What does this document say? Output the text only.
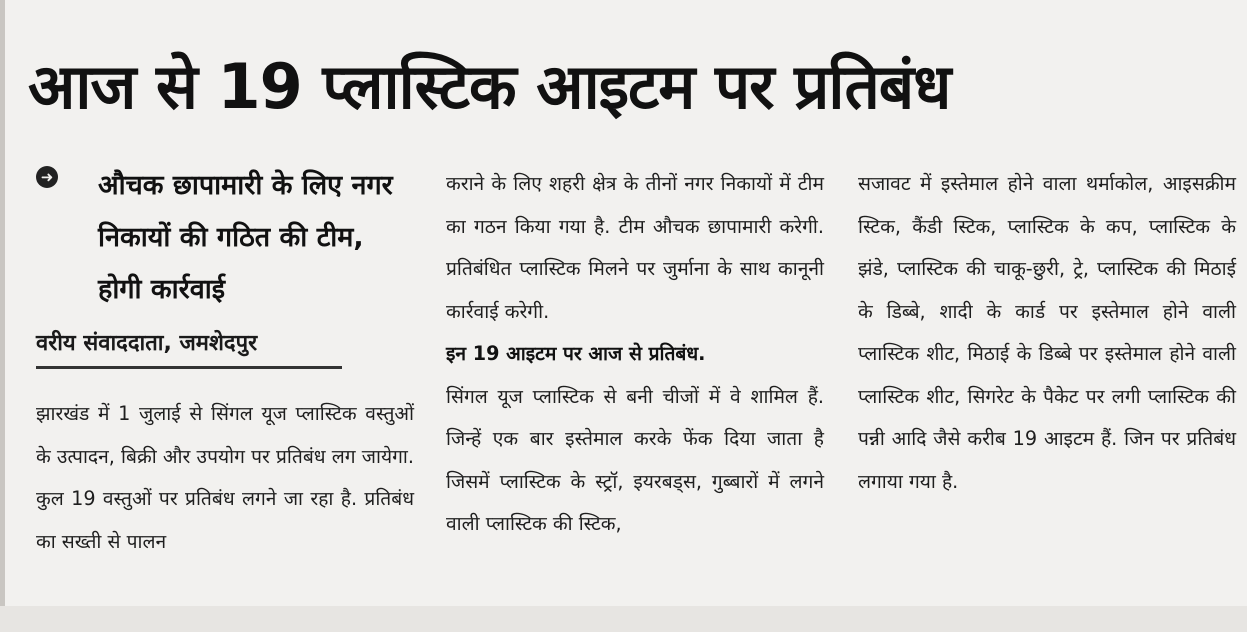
आज से 19 प्लास्टिक आइटम पर प्रतिबंध
➜ औचक छापामारी के लिए नगर निकायों की गठित की टीम, होगी कार्रवाई
वरीय संवाददाता, जमशेदपुर

झारखंड में 1 जुलाई से सिंगल यूज प्लास्टिक वस्तुओं के उत्पादन, बिक्री और उपयोग पर प्रतिबंध लग जायेगा. कुल 19 वस्तुओं पर प्रतिबंध लगने जा रहा है. प्रतिबंध का सख्ती से पालन

कराने के लिए शहरी क्षेत्र के तीनों नगर निकायों में टीम का गठन किया गया है. टीम औचक छापामारी करेगी. प्रतिबंधित प्लास्टिक मिलने पर जुर्माना के साथ कानूनी कार्रवाई करेगी.

इन 19 आइटम पर आज से प्रतिबंध.

सिंगल यूज प्लास्टिक से बनी चीजों में वे शामिल हैं. जिन्हें एक बार इस्तेमाल करके फेंक दिया जाता है जिसमें प्लास्टिक के स्ट्रॉ, इयरबड्स, गुब्बारों में लगने वाली प्लास्टिक की स्टिक,

सजावट में इस्तेमाल होने वाला थर्माकोल, आइसक्रीम स्टिक, कैंडी स्टिक, प्लास्टिक के कप, प्लास्टिक के झंडे, प्लास्टिक की चाकू-छुरी, ट्रे, प्लास्टिक की मिठाई के डिब्बे, शादी के कार्ड पर इस्तेमाल होने वाली प्लास्टिक शीट, मिठाई के डिब्बे पर इस्तेमाल होने वाली प्लास्टिक शीट, सिगरेट के पैकेट पर लगी प्लास्टिक की पन्नी आदि जैसे करीब 19 आइटम हैं. जिन पर प्रतिबंध लगाया गया है.
